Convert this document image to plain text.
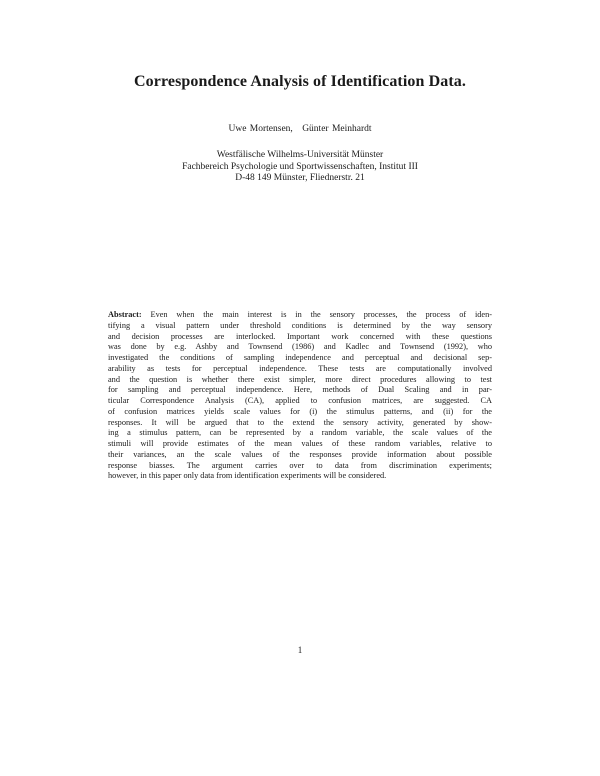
Correspondence Analysis of Identification Data.
Uwe Mortensen, Günter Meinhardt
Westfälische Wilhelms-Universität Münster
Fachbereich Psychologie und Sportwissenschaften, Institut III
D-48 149 Münster, Fliednerstr. 21
Abstract: Even when the main interest is in the sensory processes, the process of iden-
tifying a visual pattern under threshold conditions is determined by the way sensory
and decision processes are interlocked. Important work concerned with these questions
was done by e.g. Ashby and Townsend (1986) and Kadlec and Townsend (1992), who
investigated the conditions of sampling independence and perceptual and decisional sep-
arability as tests for perceptual independence. These tests are computationally involved
and the question is whether there exist simpler, more direct procedures allowing to test
for sampling and perceptual independence. Here, methods of Dual Scaling and in par-
ticular Correspondence Analysis (CA), applied to confusion matrices, are suggested. CA
of confusion matrices yields scale values for (i) the stimulus patterns, and (ii) for the
responses. It will be argued that to the extend the sensory activity, generated by show-
ing a stimulus pattern, can be represented by a random variable, the scale values of the
stimuli will provide estimates of the mean values of these random variables, relative to
their variances, an the scale values of the responses provide information about possible
response biasses. The argument carries over to data from discrimination experiments;
however, in this paper only data from identification experiments will be considered.
1
